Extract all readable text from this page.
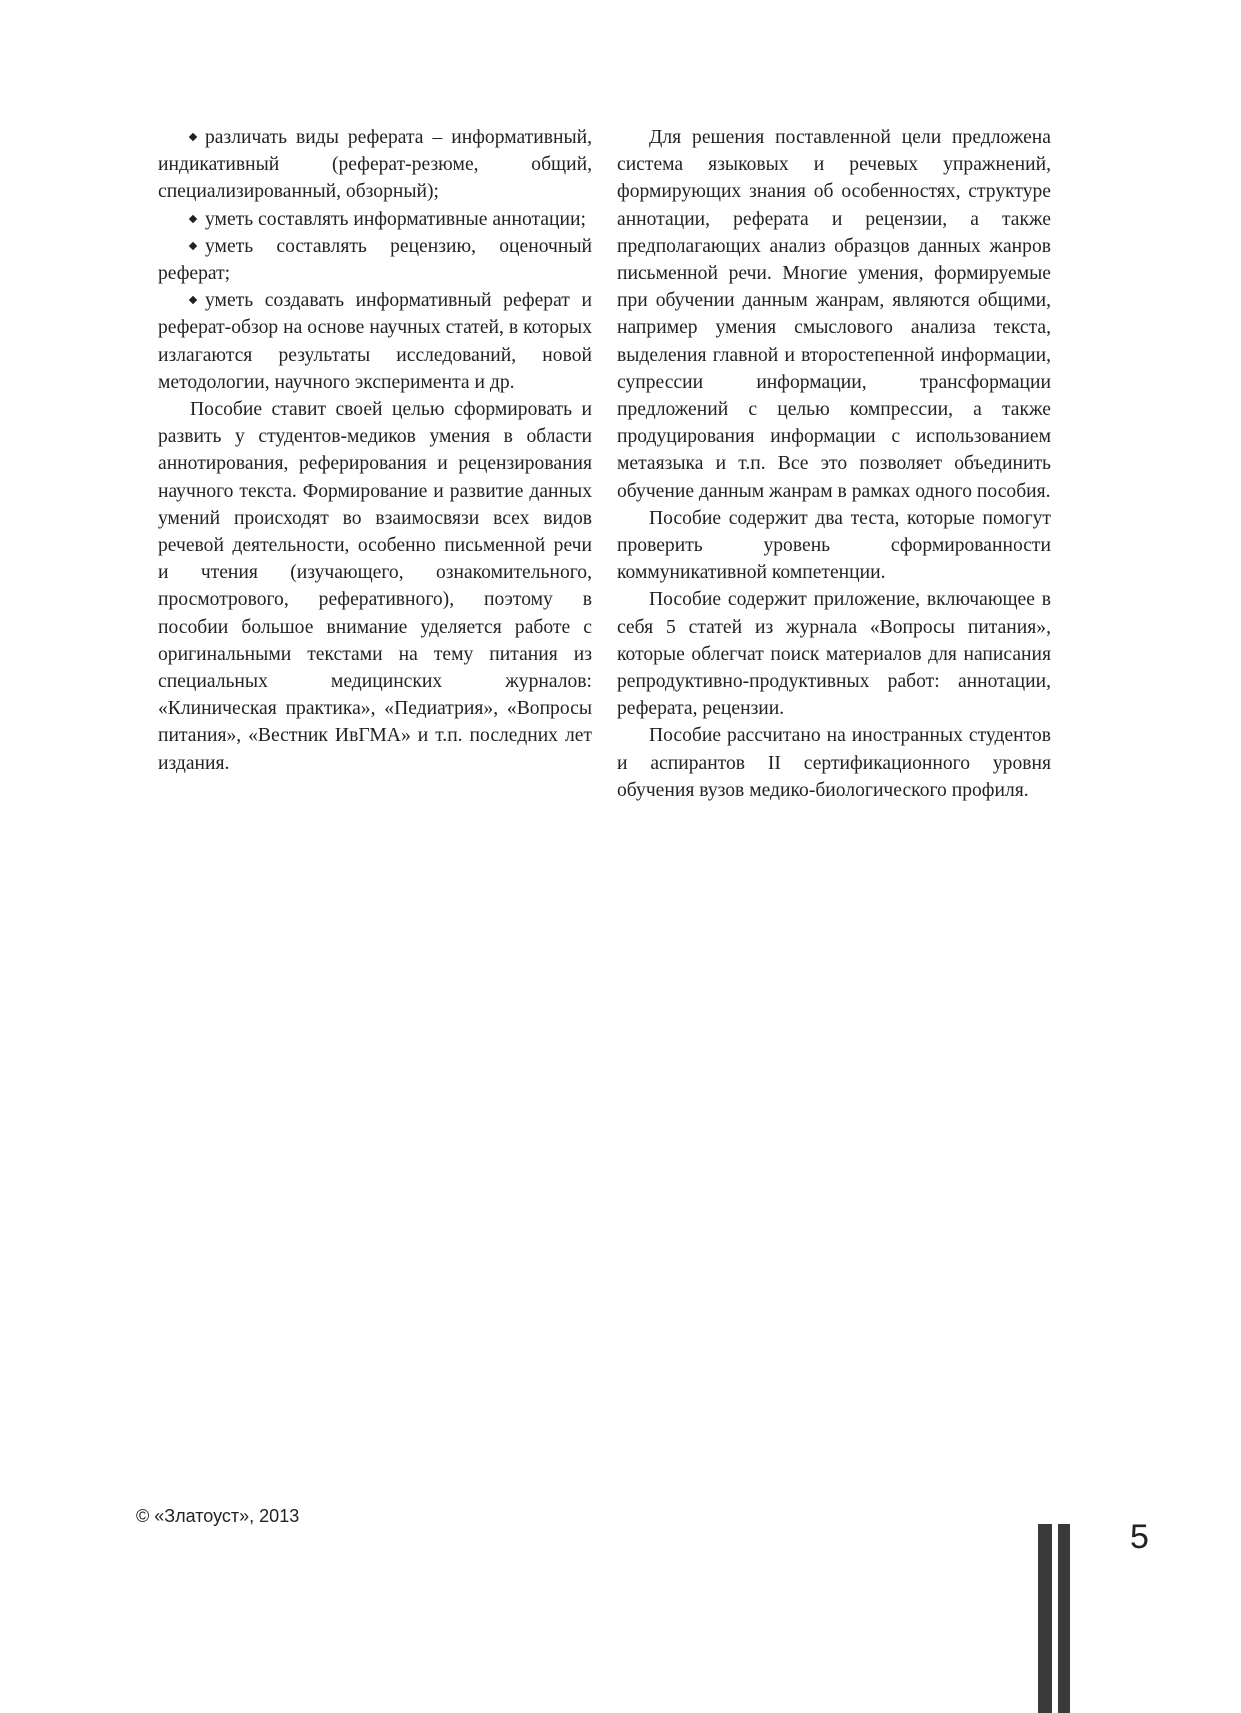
различать виды реферата – информативный, индикативный (реферат-резюме, общий, специализированный, обзорный);

уметь составлять информативные аннотации;

уметь составлять рецензию, оценочный реферат;

уметь создавать информативный реферат и реферат-обзор на основе научных статей, в которых излагаются результаты исследований, новой методологии, научного эксперимента и др.

Пособие ставит своей целью сформировать и развить у студентов-медиков умения в области аннотирования, реферирования и рецензирования научного текста. Формирование и развитие данных умений происходят во взаимосвязи всех видов речевой деятельности, особенно письменной речи и чтения (изучающего, ознакомительного, просмотрового, реферативного), поэтому в пособии большое внимание уделяется работе с оригинальными текстами на тему питания из специальных медицинских журналов: «Клиническая практика», «Педиатрия», «Вопросы питания», «Вестник ИвГМА» и т.п. последних лет издания.

Для решения поставленной цели предложена система языковых и речевых упражнений, формирующих знания об особенностях, структуре аннотации, реферата и рецензии, а также предполагающих анализ образцов данных жанров письменной речи. Многие умения, формируемые при обучении данным жанрам, являются общими, например умения смыслового анализа текста, выделения главной и второстепенной информации, супрессии информации, трансформации предложений с целью компрессии, а также продуцирования информации с использованием метаязыка и т.п. Все это позволяет объединить обучение данным жанрам в рамках одного пособия.

Пособие содержит два теста, которые помогут проверить уровень сформированности коммуникативной компетенции.

Пособие содержит приложение, включающее в себя 5 статей из журнала «Вопросы питания», которые облегчат поиск материалов для написания репродуктивно-продуктивных работ: аннотации, реферата, рецензии.

Пособие рассчитано на иностранных студентов и аспирантов II сертификационного уровня обучения вузов медико-биологического профиля.

© «Златоуст», 2013
5
